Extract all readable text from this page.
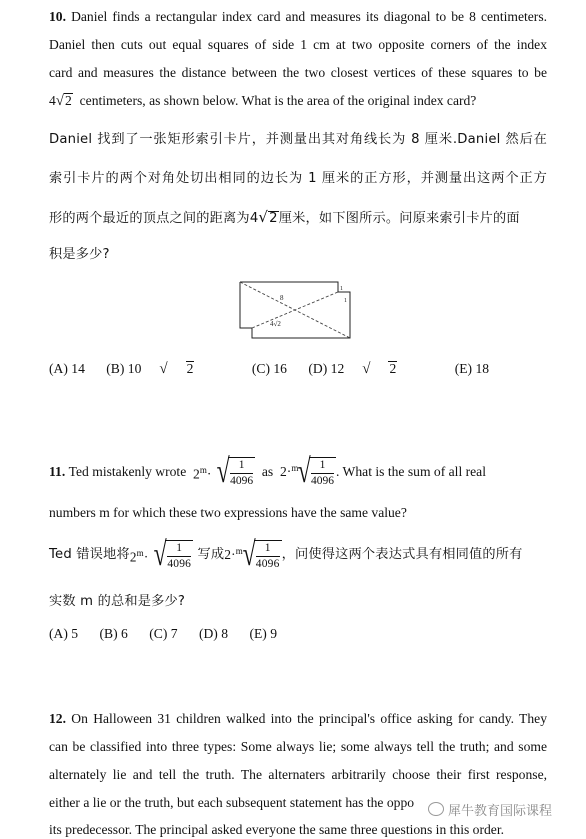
10. Daniel finds a rectangular index card and measures its diagonal to be 8 centimeters.
Daniel then cuts out equal squares of side 1 cm at two opposite corners of the index
card and measures the distance between the two closest vertices of these squares to be
4√2 centimeters, as shown below. What is the area of the original index card?
Daniel 找到了一张矩形索引卡片，并测量出其对角线长为 8 厘米.Daniel 然后在
索引卡片的两个对角处切出相同的边长为 1 厘米的正方形，并测量出这两个正方
形的两个最近的顶点之间的距离为4√2厘米，如下图所示。问原来索引卡片的面
积是多少?
8
4√2
1
1
(A) 14 (B) 10 √ 2	(C) 16 (D) 12 √ 2	(E) 18
11.
Ted mistakenly wrote
$2^m\cdot$ √ 1
4096

as
2· m √ 1
4096
. What is the sum of all real
numbers m for which these two expressions have the same value?
Ted 错误地将 $2^m\cdot$ √ 1
4096

写成 2· m √ 1
4096
，问使得这两个表达式具有相同值的所有
实数 m 的总和是多少?
(A) 5 (B) 6 (C) 7 (D) 8 (E) 9
12. On Halloween 31 children walked into the principal's office asking for candy. They
can be classified into three types: Some always lie; some always tell the truth; and some
alternately lie and tell the truth. The alternaters arbitrarily choose their first response,
either a lie or the truth, but each subsequent statement has the oppo
its predecessor. The principal asked everyone the same three questions in this order.
犀牛教育国际课程
